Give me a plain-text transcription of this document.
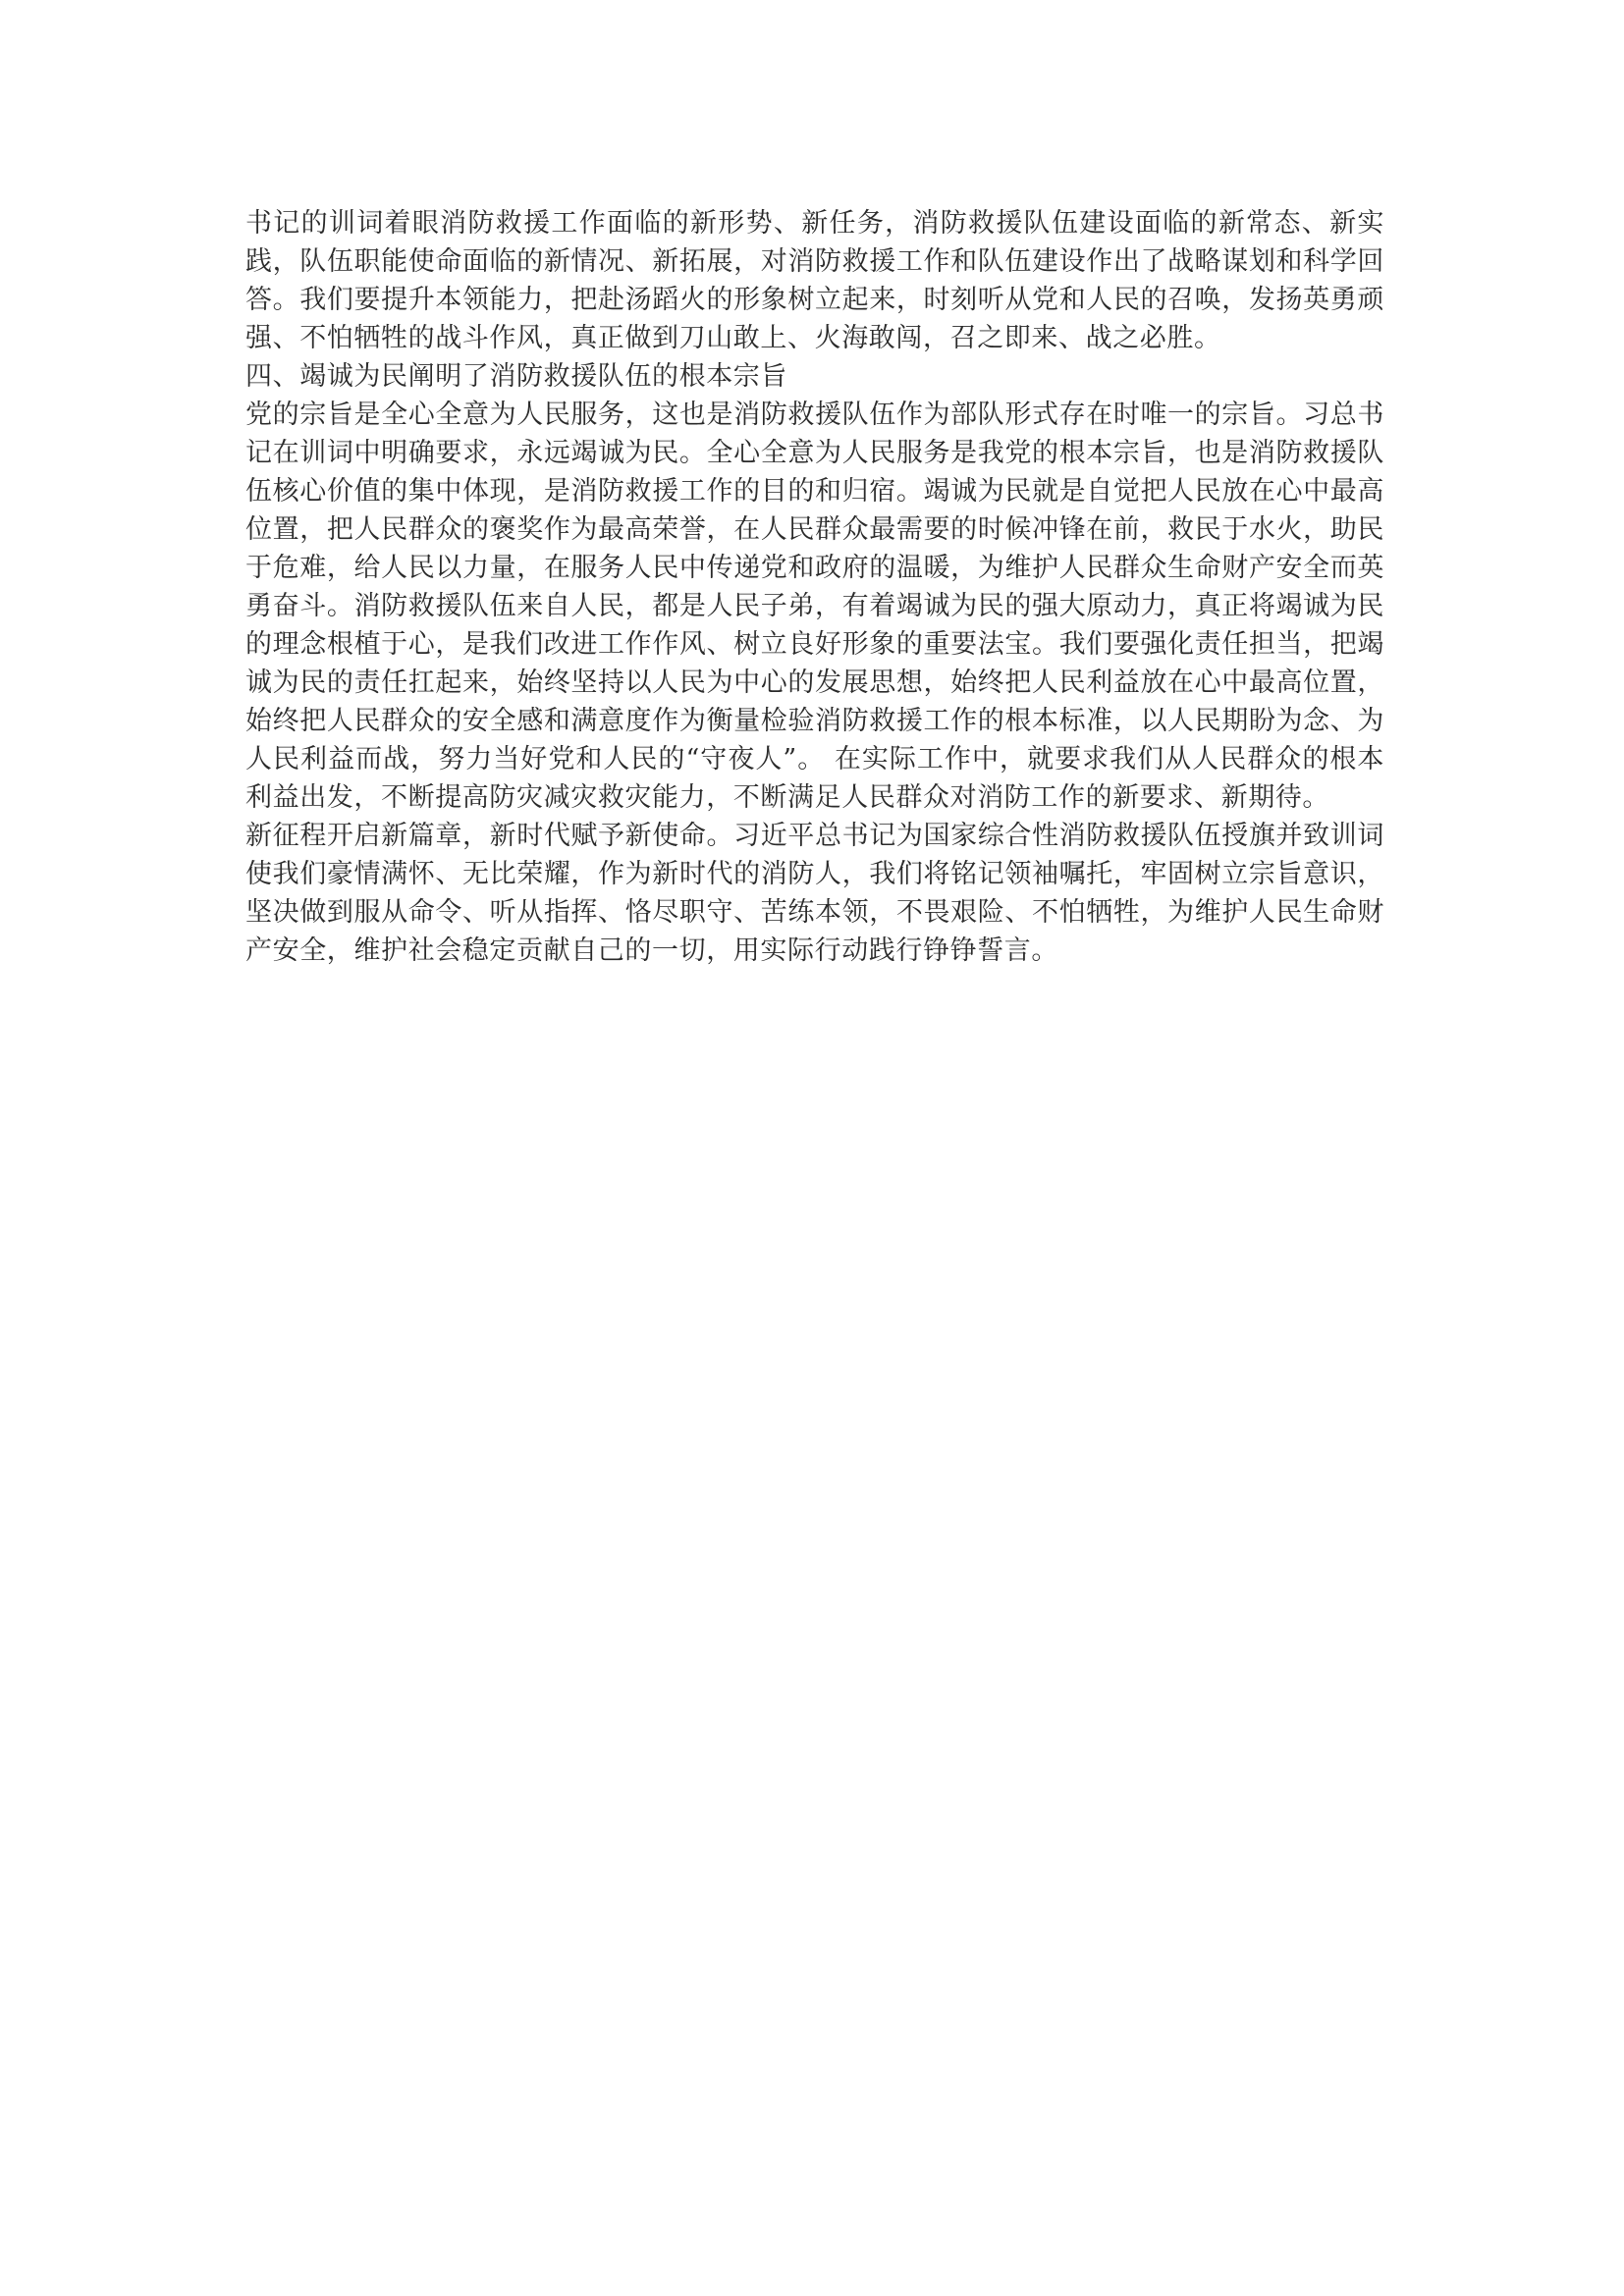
书记的训词着眼消防救援工作面临的新形势、新任务，消防救援队伍建设面临的新常态、新实践，队伍职能使命面临的新情况、新拓展，对消防救援工作和队伍建设作出了战略谋划和科学回答。我们要提升本领能力，把赴汤蹈火的形象树立起来，时刻听从党和人民的召唤，发扬英勇顽强、不怕牺牲的战斗作风，真正做到刀山敢上、火海敢闯，召之即来、战之必胜。

四、竭诚为民阐明了消防救援队伍的根本宗旨

党的宗旨是全心全意为人民服务，这也是消防救援队伍作为部队形式存在时唯一的宗旨。习总书记在训词中明确要求，永远竭诚为民。全心全意为人民服务是我党的根本宗旨，也是消防救援队伍核心价值的集中体现，是消防救援工作的目的和归宿。竭诚为民就是自觉把人民放在心中最高位置，把人民群众的褒奖作为最高荣誉，在人民群众最需要的时候冲锋在前，救民于水火，助民于危难，给人民以力量，在服务人民中传递党和政府的温暖，为维护人民群众生命财产安全而英勇奋斗。消防救援队伍来自人民，都是人民子弟，有着竭诚为民的强大原动力，真正将竭诚为民的理念根植于心，是我们改进工作作风、树立良好形象的重要法宝。我们要强化责任担当，把竭诚为民的责任扛起来，始终坚持以人民为中心的发展思想，始终把人民利益放在心中最高位置，始终把人民群众的安全感和满意度作为衡量检验消防救援工作的根本标准，以人民期盼为念、为人民利益而战，努力当好党和人民的“守夜人”。 在实际工作中，就要求我们从人民群众的根本利益出发，不断提高防灾减灾救灾能力，不断满足人民群众对消防工作的新要求、新期待。

新征程开启新篇章，新时代赋予新使命。习近平总书记为国家综合性消防救援队伍授旗并致训词使我们豪情满怀、无比荣耀，作为新时代的消防人，我们将铭记领袖嘱托，牢固树立宗旨意识，坚决做到服从命令、听从指挥、恪尽职守、苦练本领，不畏艰险、不怕牺牲，为维护人民生命财产安全，维护社会稳定贡献自己的一切，用实际行动践行铮铮誓言。
